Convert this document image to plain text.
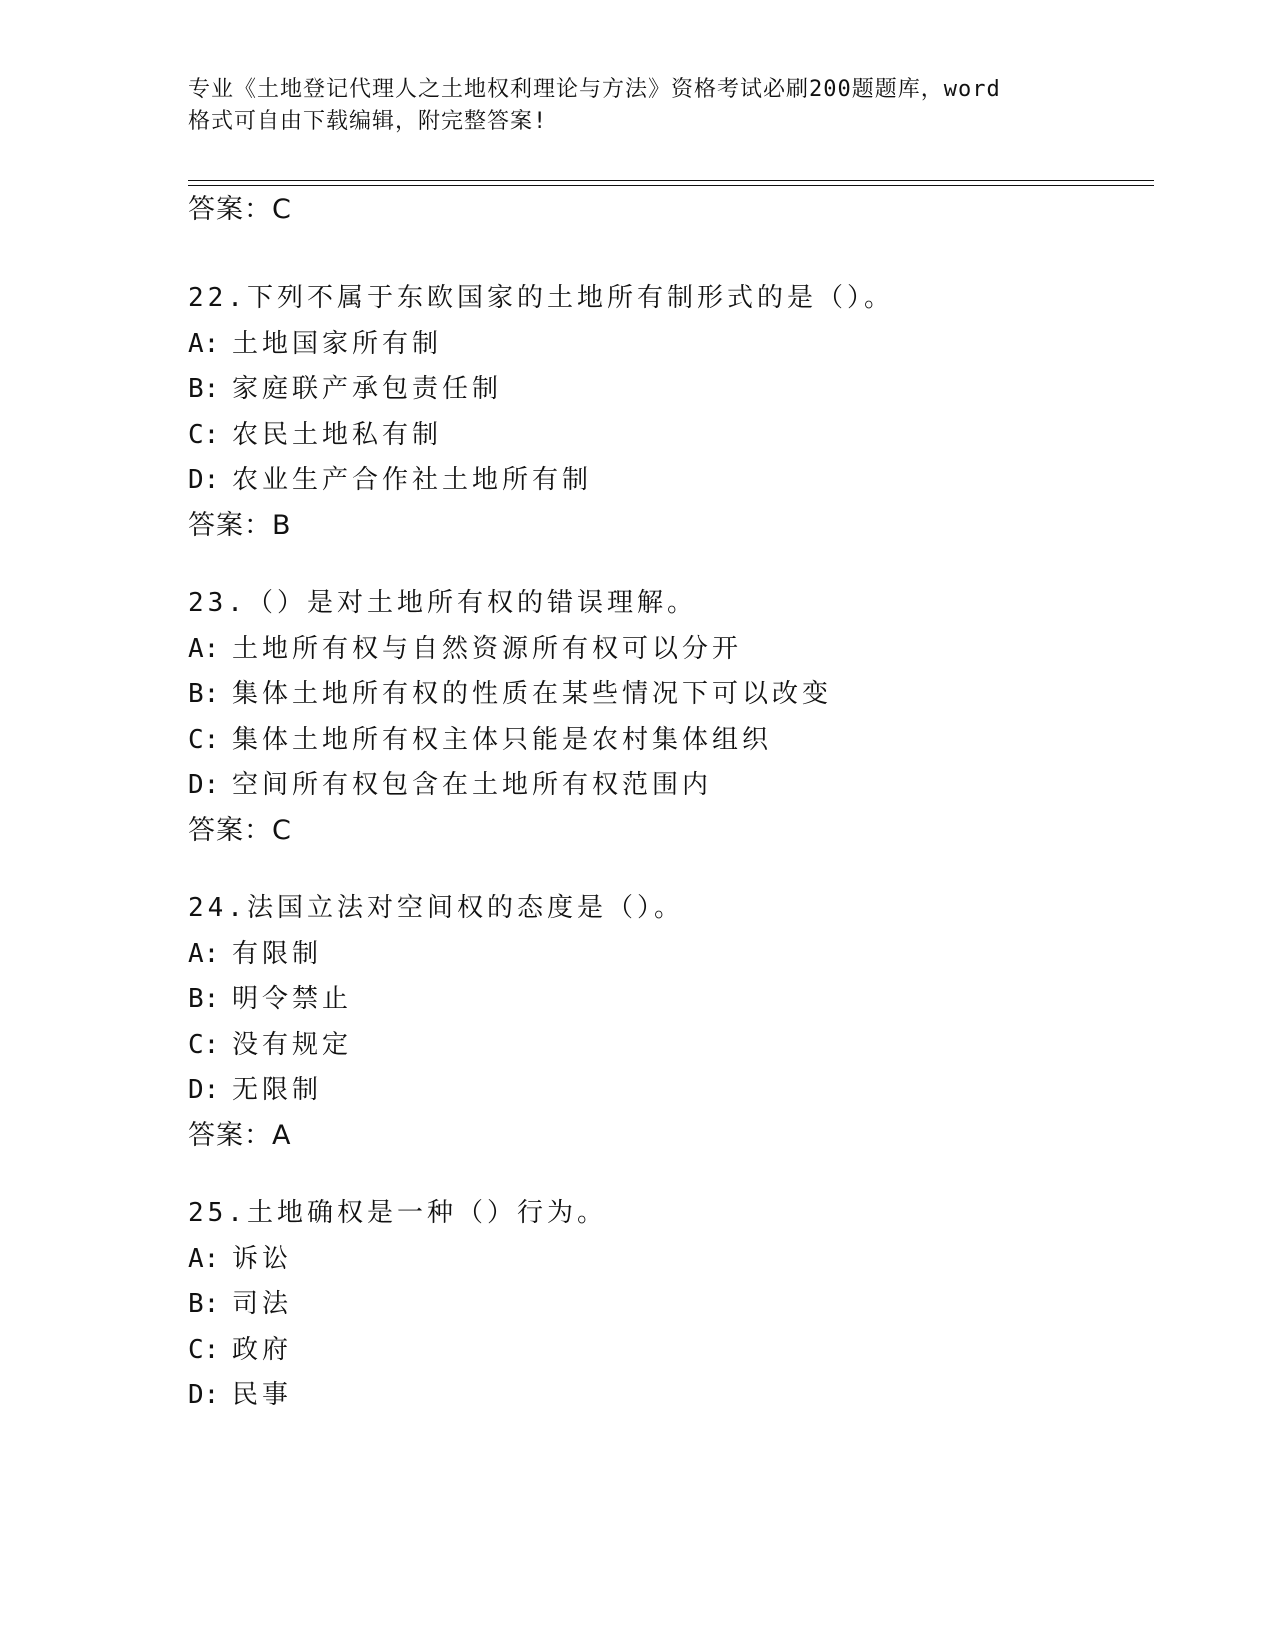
专业《土地登记代理人之土地权利理论与方法》资格考试必刷200题题库，word
格式可自由下载编辑，附完整答案!
答案：C
22.下列不属于东欧国家的土地所有制形式的是（）。
A: 土地国家所有制
B: 家庭联产承包责任制
C: 农民土地私有制
D: 农业生产合作社土地所有制
答案：B
23.（）是对土地所有权的错误理解。
A: 土地所有权与自然资源所有权可以分开
B: 集体土地所有权的性质在某些情况下可以改变
C: 集体土地所有权主体只能是农村集体组织
D: 空间所有权包含在土地所有权范围内
答案：C
24.法国立法对空间权的态度是（）。
A: 有限制
B: 明令禁止
C: 没有规定
D: 无限制
答案：A
25.土地确权是一种（）行为。
A: 诉讼
B: 司法
C: 政府
D: 民事
